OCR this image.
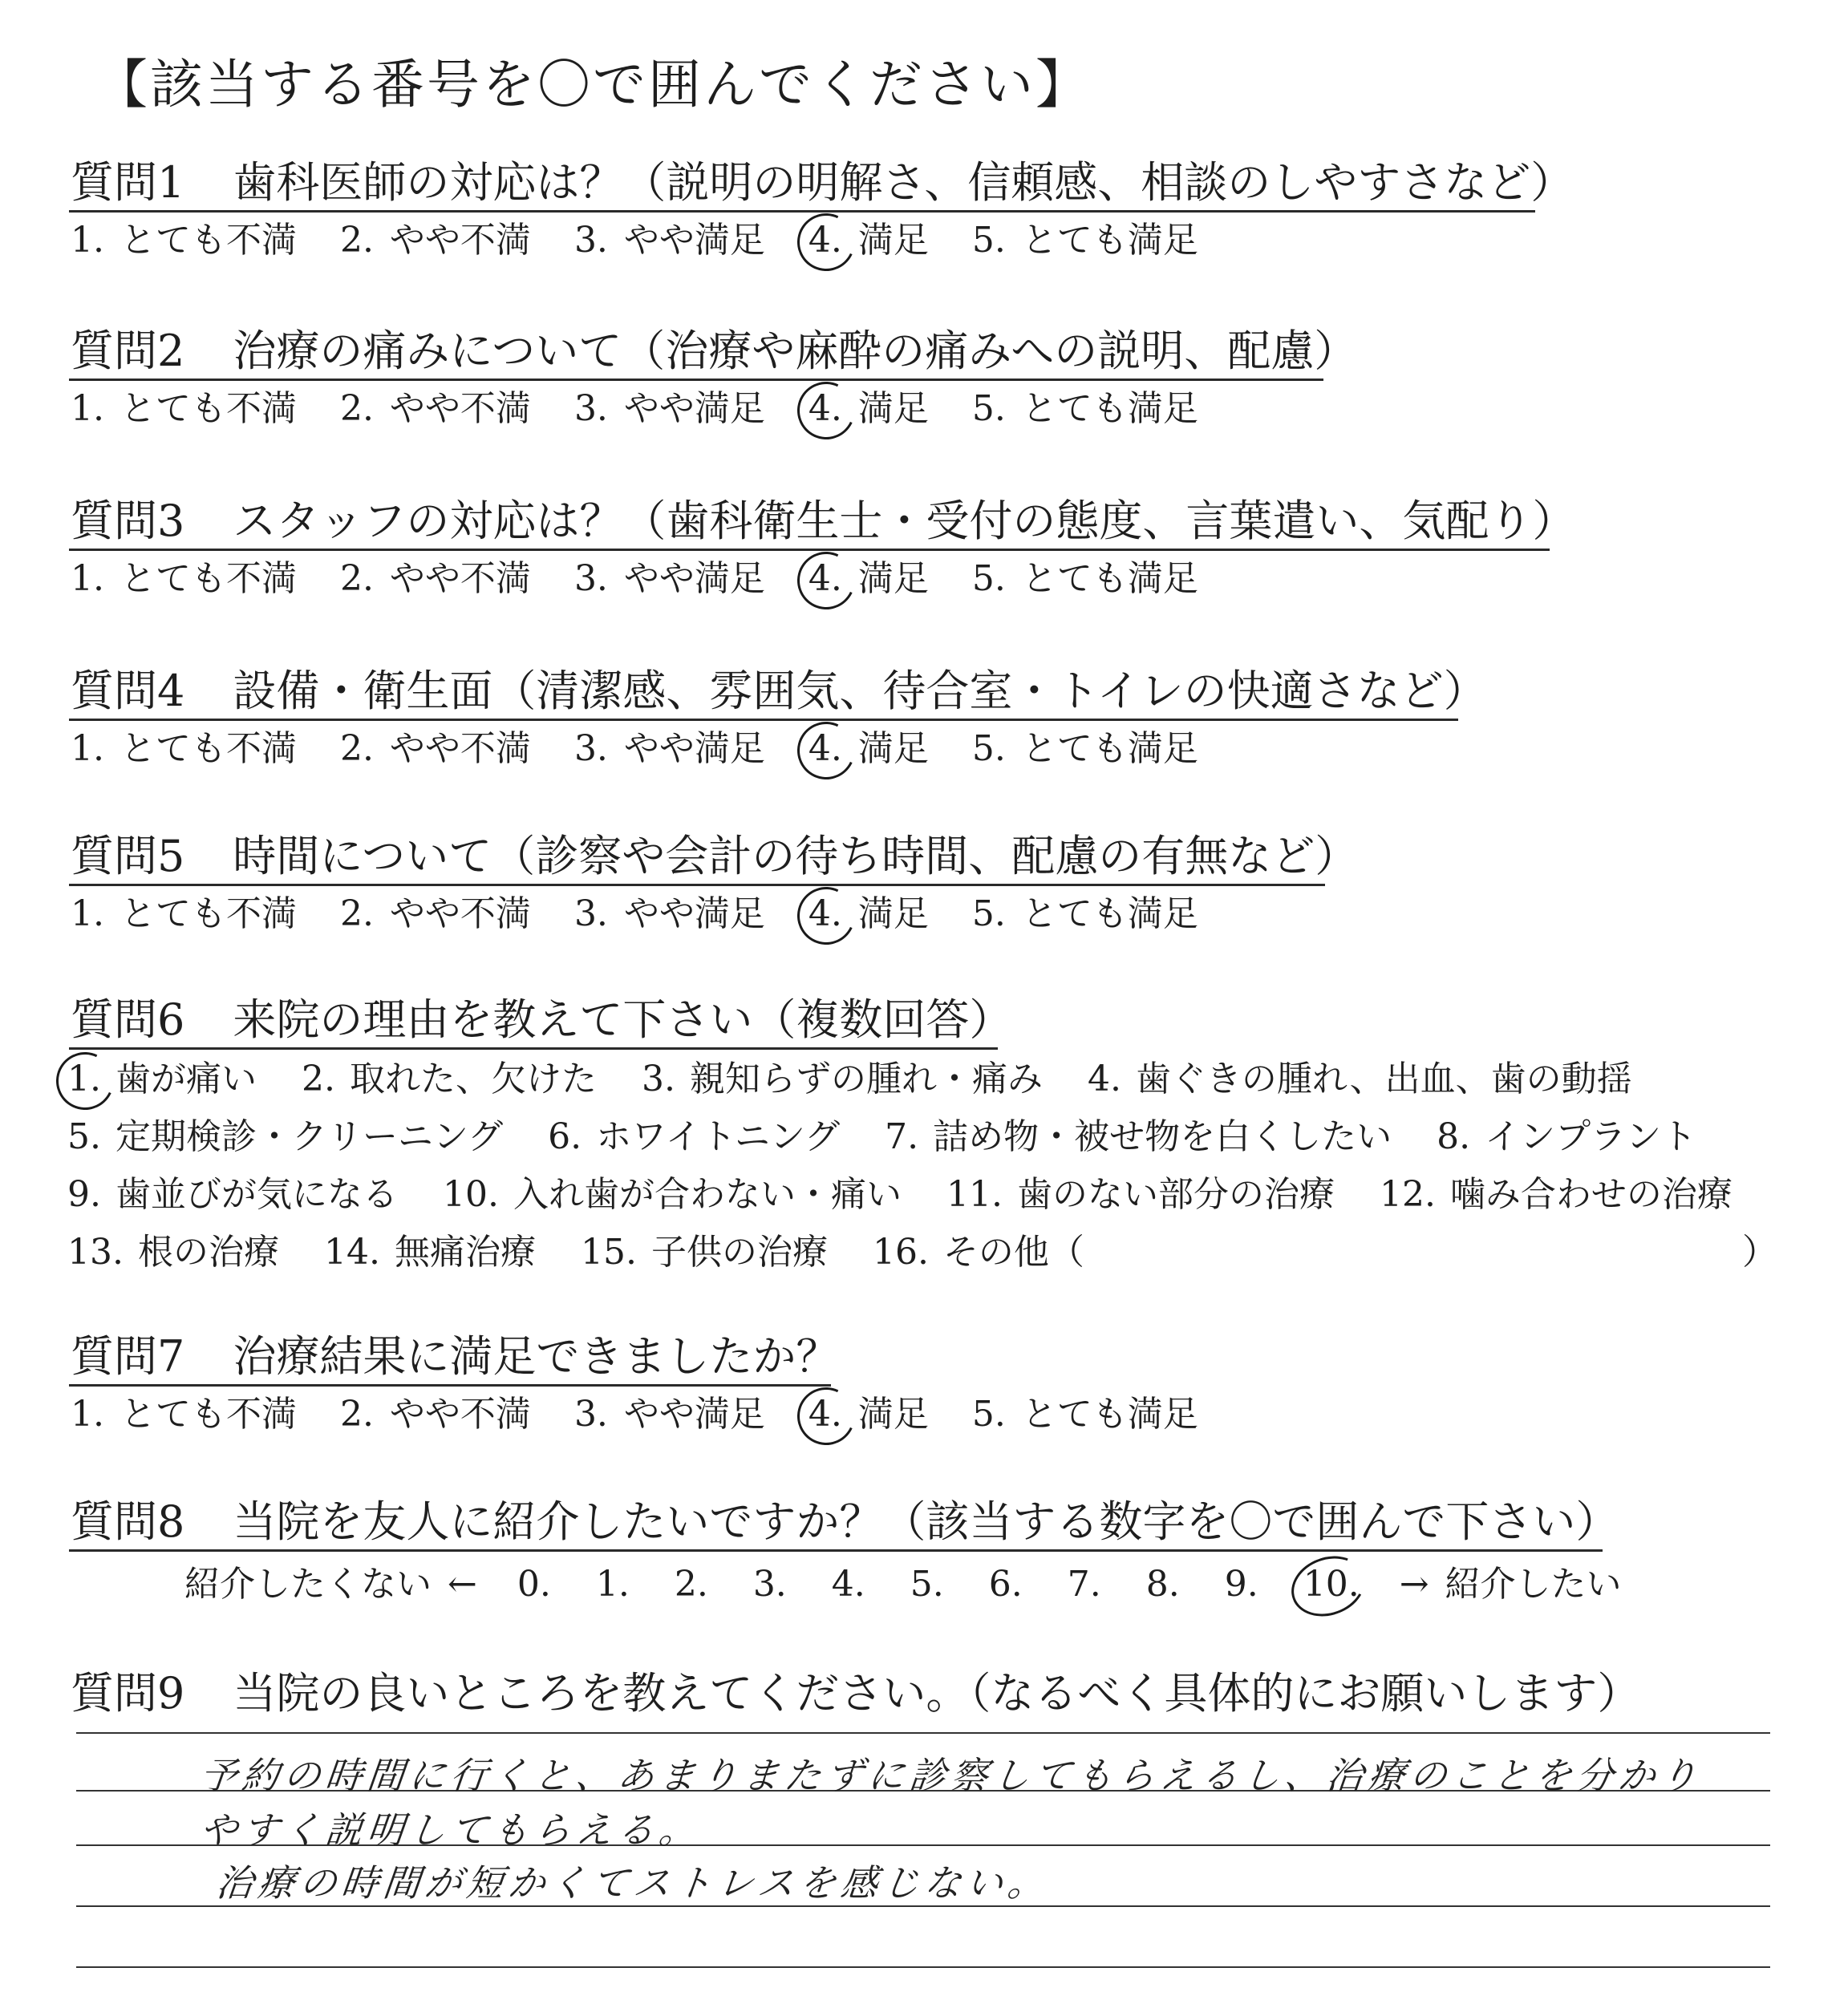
【該当する番号を〇で囲んでください】
質問1 歯科医師の対応は？（説明の明解さ、信頼感、相談のしやすさなど）
1. とても不満 2. やや不満 3. やや満足 4. 満足 5. とても満足
質問2 治療の痛みについて（治療や麻酔の痛みへの説明、配慮）
1. とても不満 2. やや不満 3. やや満足 4. 満足 5. とても満足
質問3 スタッフの対応は？（歯科衛生士・受付の態度、言葉遣い、気配り）
1. とても不満 2. やや不満 3. やや満足 4. 満足 5. とても満足
質問4 設備・衛生面（清潔感、雰囲気、待合室・トイレの快適さなど）
1. とても不満 2. やや不満 3. やや満足 4. 満足 5. とても満足
質問5 時間について（診察や会計の待ち時間、配慮の有無など）
1. とても不満 2. やや不満 3. やや満足 4. 満足 5. とても満足
質問6 来院の理由を教えて下さい（複数回答）
1. 歯が痛い 2. 取れた、欠けた 3. 親知らずの腫れ・痛み 4. 歯ぐきの腫れ、出血、歯の動揺
5. 定期検診・クリーニング 6. ホワイトニング 7. 詰め物・被せ物を白くしたい 8. インプラント
9. 歯並びが気になる 10. 入れ歯が合わない・痛い 11. 歯のない部分の治療 12. 噛み合わせの治療
13. 根の治療 14. 無痛治療 15. 子供の治療 16. その他（	）
質問7 治療結果に満足できましたか？
1. とても不満 2. やや不満 3. やや満足 4. 満足 5. とても満足
質問8 当院を友人に紹介したいですか？（該当する数字を〇で囲んで下さい）
紹介したくない ← 0. 1. 2. 3. 4. 5. 6. 7. 8. 9. 10. → 紹介したい
質問9 当院の良いところを教えてください。（なるべく具体的にお願いします）
予約の時間に行くと、あまりまたずに診察してもらえるし、治療のことを分かり
やすく説明してもらえる。
治療の時間が短かくてストレスを感じない。
